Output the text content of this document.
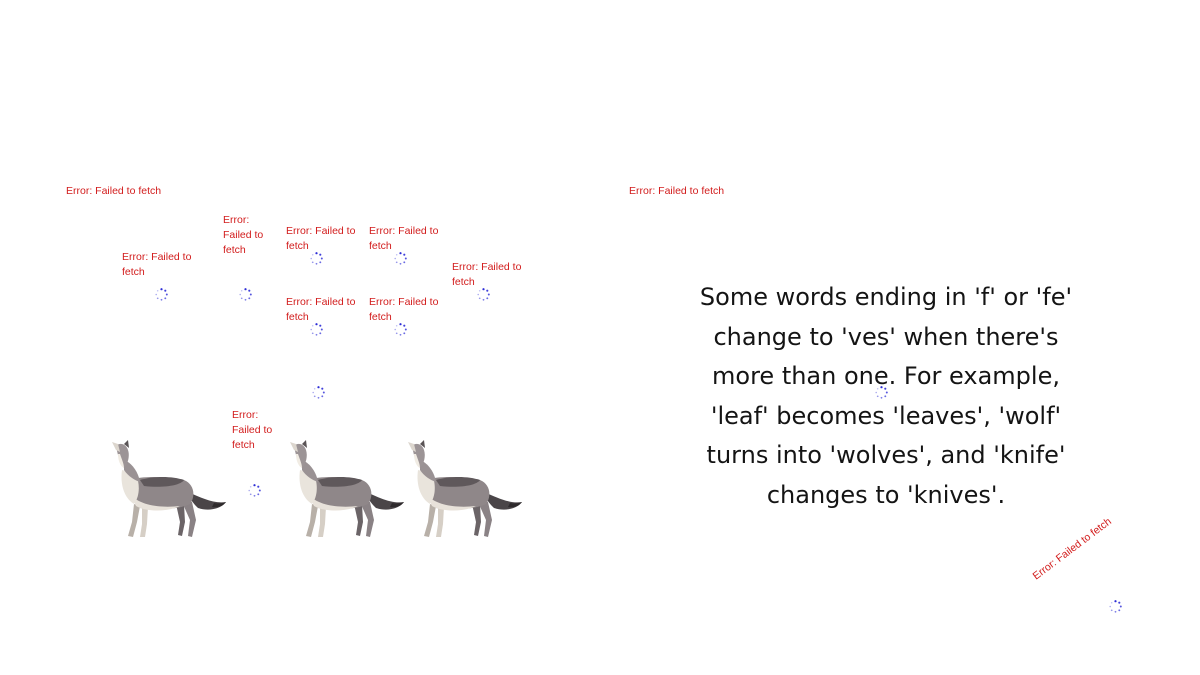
Error: Failed to fetch	Error: Failed to fetch
Error: Failed to fetch
Error: Failed to fetch
Error: Failed to fetch
Error: Failed to fetch
Error: Failed to fetch
Error: Failed to fetch
Error: Failed to fetch
Error: Failed to fetch
Error: Failed to fetch
Some words ending in 'f' or 'fe' change to 'ves' when there's more than one. For example, 'leaf' becomes 'leaves', 'wolf' turns into 'wolves', and 'knife' changes to 'knives'.
